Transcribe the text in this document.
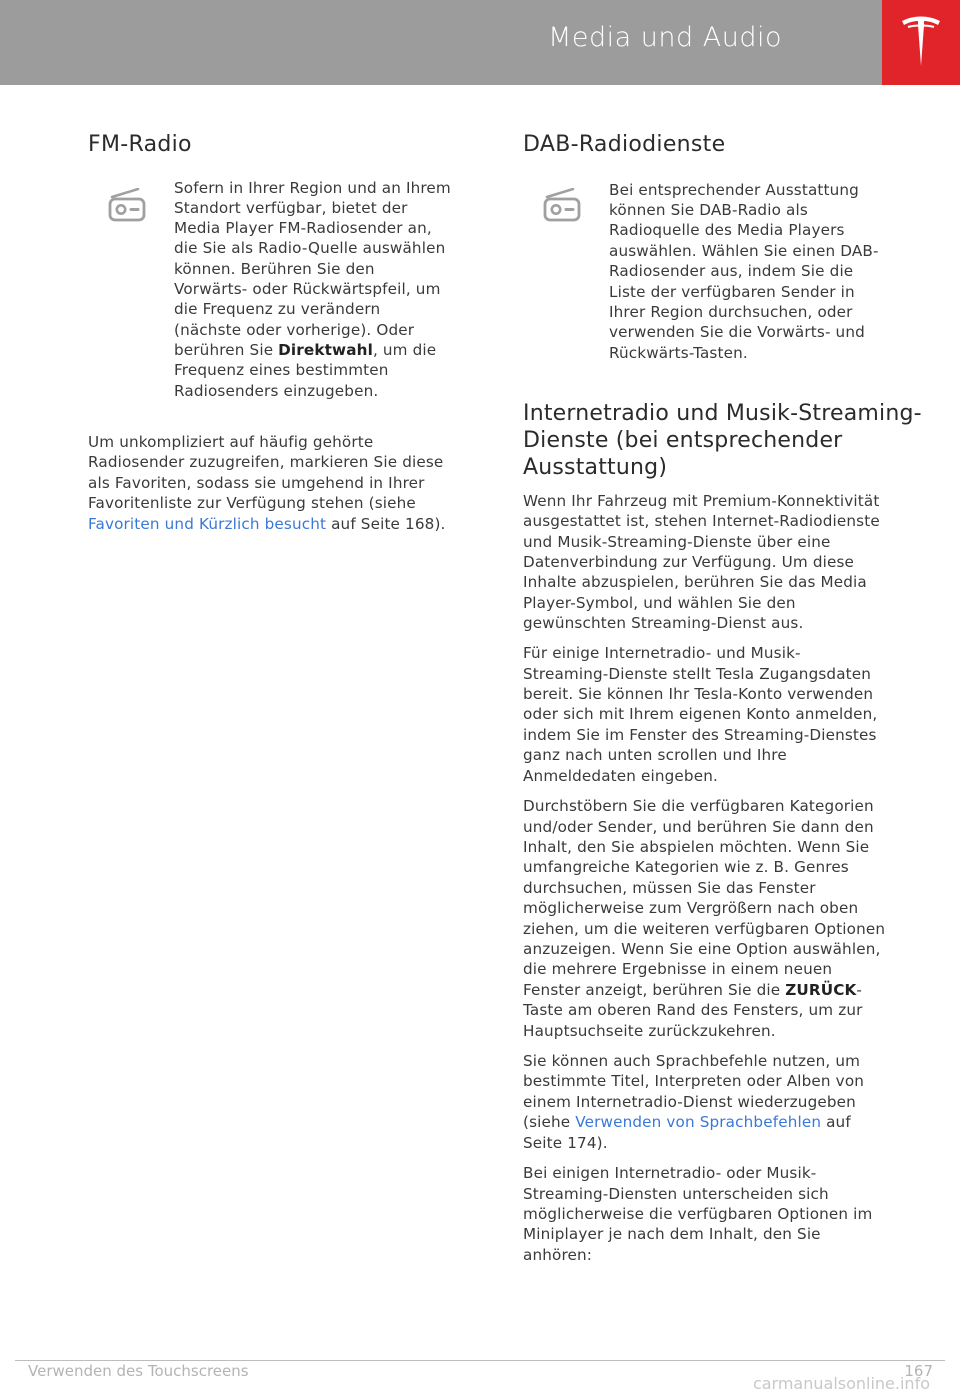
Media und Audio
FM-Radio
Sofern in Ihrer Region und an Ihrem
Standort verfügbar, bietet der
Media Player FM-Radiosender an,
die Sie als Radio-Quelle auswählen
können. Berühren Sie den
Vorwärts- oder Rückwärtspfeil, um
die Frequenz zu verändern
(nächste oder vorherige). Oder
berühren Sie Direktwahl, um die
Frequenz eines bestimmten
Radiosenders einzugeben.
Um unkompliziert auf häufig gehörte
Radiosender zuzugreifen, markieren Sie diese
als Favoriten, sodass sie umgehend in Ihrer
Favoritenliste zur Verfügung stehen (siehe
Favoriten und Kürzlich besucht auf Seite 168).
DAB-Radiodienste
Bei entsprechender Ausstattung
können Sie DAB-Radio als
Radioquelle des Media Players
auswählen. Wählen Sie einen DAB-
Radiosender aus, indem Sie die
Liste der verfügbaren Sender in
Ihrer Region durchsuchen, oder
verwenden Sie die Vorwärts- und
Rückwärts-Tasten.
Internetradio und Musik-Streaming-
Dienste (bei entsprechender
Ausstattung)
Wenn Ihr Fahrzeug mit Premium-Konnektivität
ausgestattet ist, stehen Internet-Radiodienste
und Musik-Streaming-Dienste über eine
Datenverbindung zur Verfügung. Um diese
Inhalte abzuspielen, berühren Sie das Media
Player-Symbol, und wählen Sie den
gewünschten Streaming-Dienst aus.
Für einige Internetradio- und Musik-
Streaming-Dienste stellt Tesla Zugangsdaten
bereit. Sie können Ihr Tesla-Konto verwenden
oder sich mit Ihrem eigenen Konto anmelden,
indem Sie im Fenster des Streaming-Dienstes
ganz nach unten scrollen und Ihre
Anmeldedaten eingeben.
Durchstöbern Sie die verfügbaren Kategorien
und/oder Sender, und berühren Sie dann den
Inhalt, den Sie abspielen möchten. Wenn Sie
umfangreiche Kategorien wie z. B. Genres
durchsuchen, müssen Sie das Fenster
möglicherweise zum Vergrößern nach oben
ziehen, um die weiteren verfügbaren Optionen
anzuzeigen. Wenn Sie eine Option auswählen,
die mehrere Ergebnisse in einem neuen
Fenster anzeigt, berühren Sie die ZURÜCK-
Taste am oberen Rand des Fensters, um zur
Hauptsuchseite zurückzukehren.
Sie können auch Sprachbefehle nutzen, um
bestimmte Titel, Interpreten oder Alben von
einem Internetradio-Dienst wiederzugeben
(siehe Verwenden von Sprachbefehlen auf
Seite 174).
Bei einigen Internetradio- oder Musik-
Streaming-Diensten unterscheiden sich
möglicherweise die verfügbaren Optionen im
Miniplayer je nach dem Inhalt, den Sie
anhören:
Verwenden des Touchscreens	167
carmanualsonline.info
